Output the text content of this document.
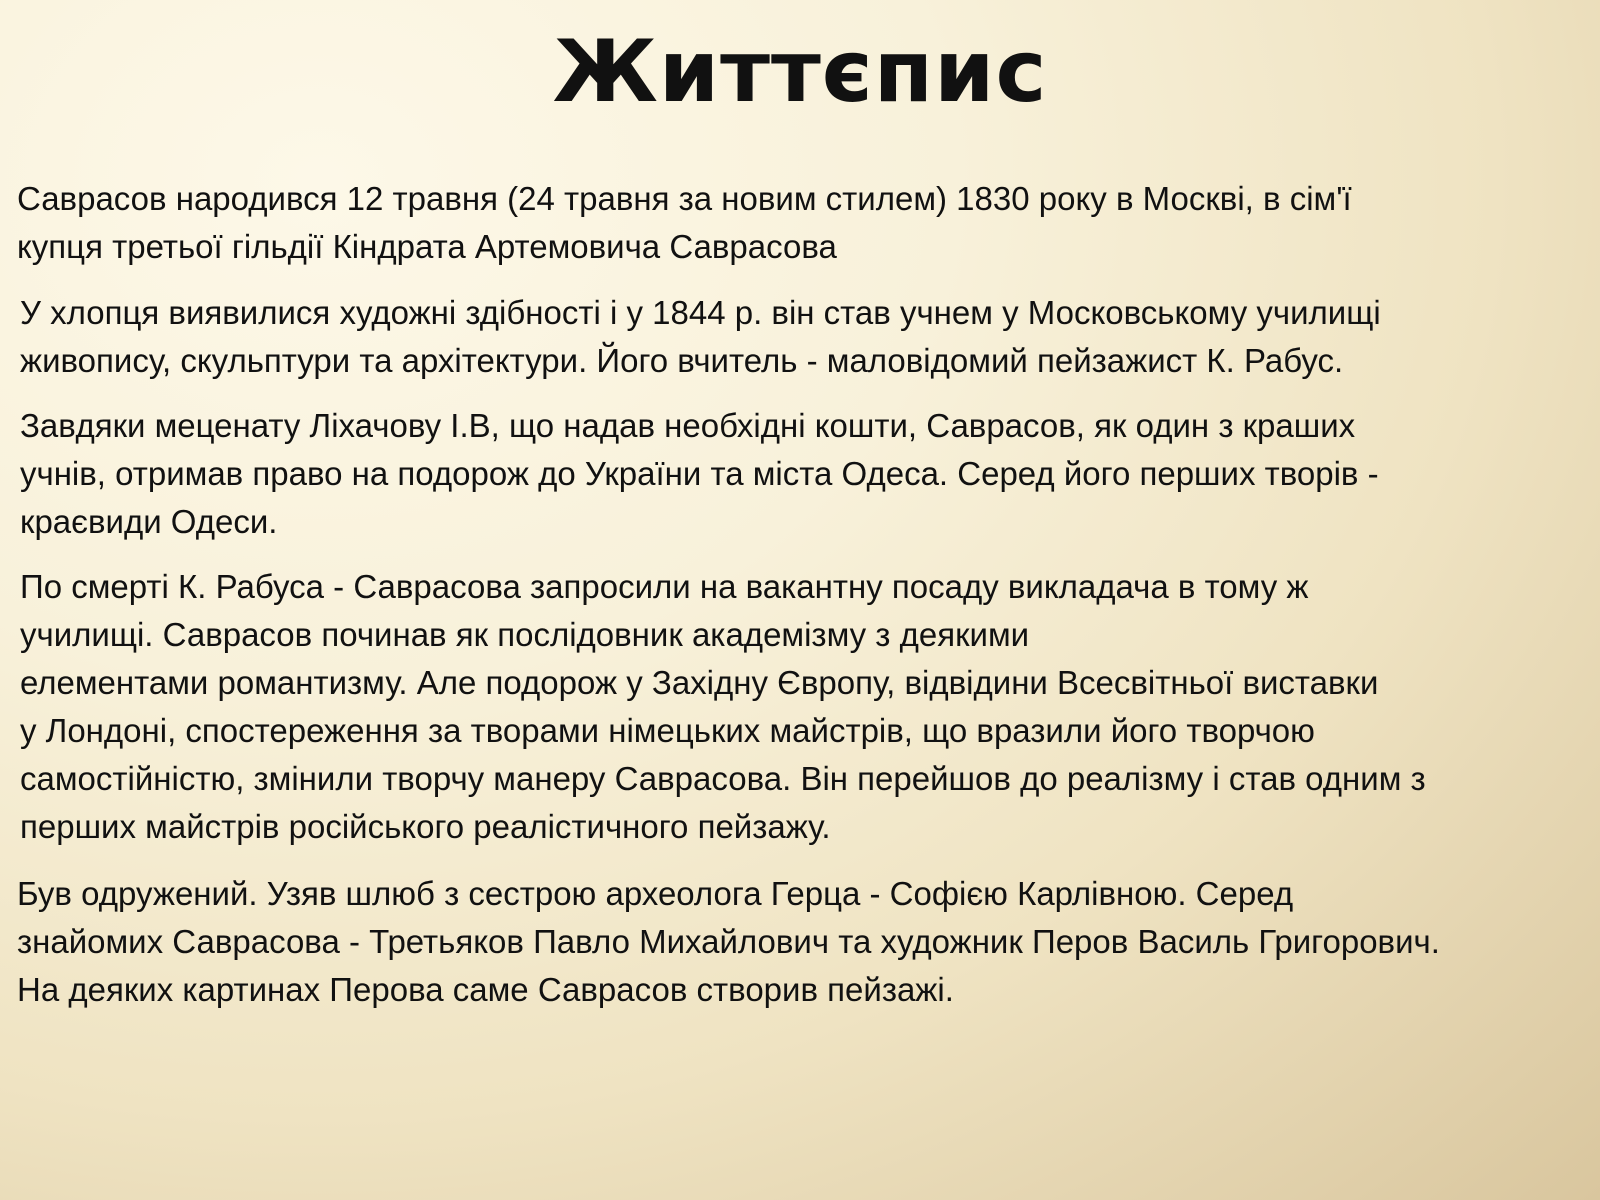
Життєпис

Саврасов народився 12 травня (24 травня за новим стилем) 1830 року в Москві, в сім'ї
купця третьої гільдії Кіндрата Артемовича Саврасова

У хлопця виявилися художні здібності і у 1844 р. він став учнем у Московському училищі
живопису, скульптури та архітектури. Його вчитель - маловідомий пейзажист К. Рабус.

Завдяки меценату Ліхачову І.В, що надав необхідні кошти, Саврасов, як один з краших
учнів, отримав право на подорож до України та міста Одеса. Серед його перших творів -
краєвиди Одеси.

По смерті К. Рабуса - Саврасова запросили на вакантну посаду викладача в тому ж
училищі. Саврасов починав як послідовник академізму з деякими
елементами романтизму. Але подорож у Західну Європу, відвідини Всесвітньої виставки
у Лондоні, спостереження за творами німецьких майстрів, що вразили його творчою
самостійністю, змінили творчу манеру Саврасова. Він перейшов до реалізму і став одним з
перших майстрів російського реалістичного пейзажу.

Був одружений. Узяв шлюб з сестрою археолога Герца - Софією Карлівною. Серед
знайомих Саврасова - Третьяков Павло Михайлович та художник Перов Василь Григорович.
На деяких картинах Перова саме Саврасов створив пейзажі.
